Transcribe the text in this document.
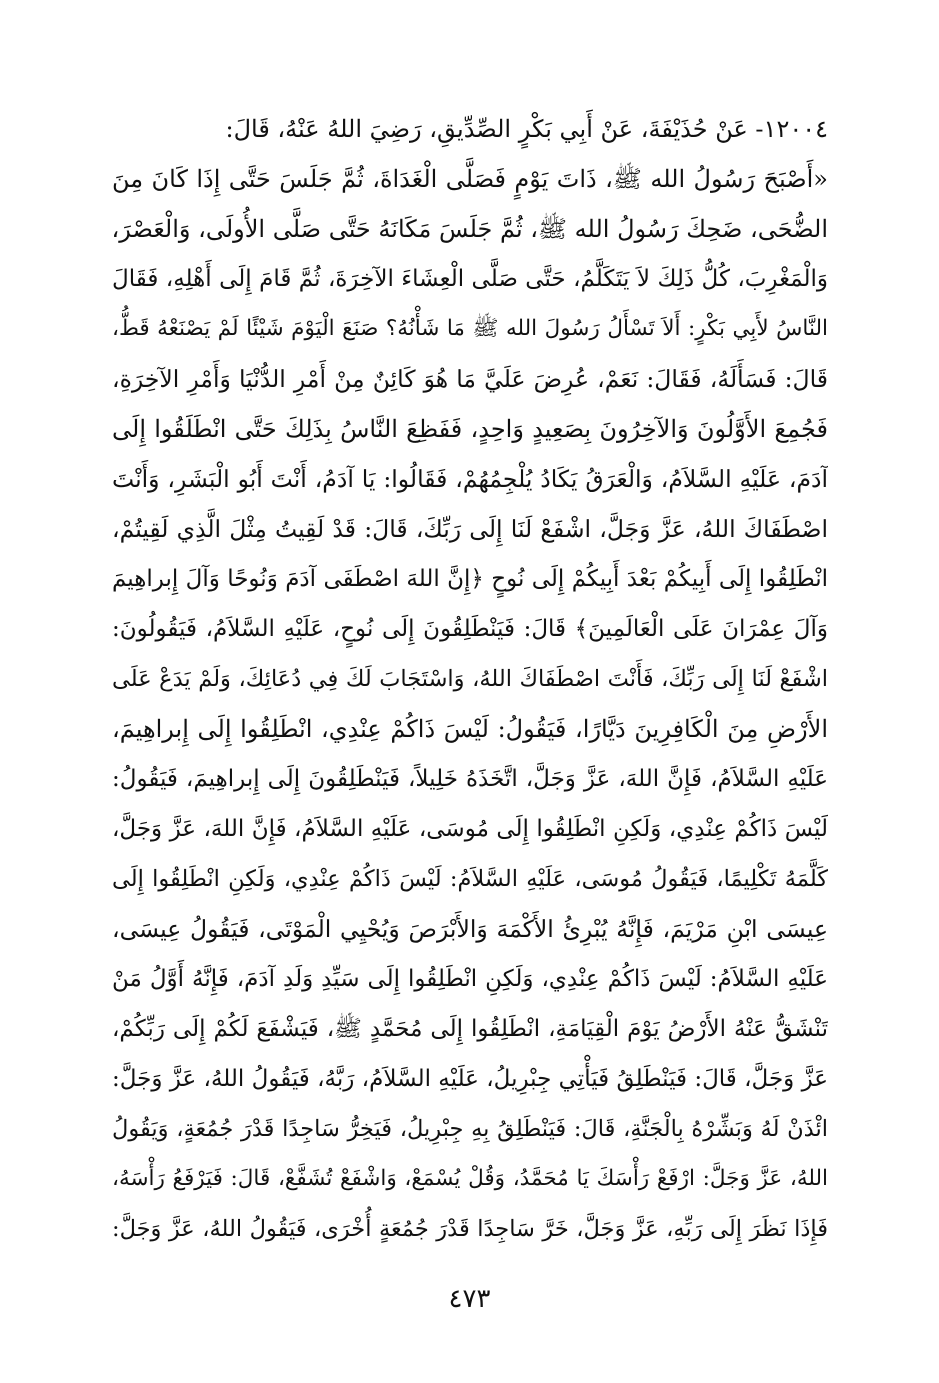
١٢٠٠٤- عَنْ حُذَيْفَةَ، عَنْ أَبِي بَكْرٍ الصِّدِّيقِ، رَضِيَ اللهُ عَنْهُ، قَالَ:
«أَصْبَحَ رَسُولُ الله ﷺ، ذَاتَ يَوْمٍ فَصَلَّى الْغَدَاةَ، ثُمَّ جَلَسَ حَتَّى إِذَا كَانَ مِنَ
الضُّحَى، ضَحِكَ رَسُولُ الله ﷺ، ثُمَّ جَلَسَ مَكَانَهُ حَتَّى صَلَّى الأُولَى، وَالْعَصْرَ،
وَالْمَغْرِبَ، كُلُّ ذَلِكَ لاَ يَتَكَلَّمُ، حَتَّى صَلَّى الْعِشَاءَ الآخِرَةَ، ثُمَّ قَامَ إِلَى أَهْلِهِ، فَقَالَ
النَّاسُ لأَبِي بَكْرٍ: أَلاَ تَسْأَلُ رَسُولَ الله ﷺ مَا شَأْنُهُ؟ صَنَعَ الْيَوْمَ شَيْئًا لَمْ يَصْنَعْهُ قَطُّ،
قَالَ: فَسَأَلَهُ، فَقَالَ: نَعَمْ، عُرِضَ عَلَيَّ مَا هُوَ كَائِنٌ مِنْ أَمْرِ الدُّنْيَا وَأَمْرِ الآخِرَةِ،
فَجُمِعَ الأَوَّلُونَ وَالآخِرُونَ بِصَعِيدٍ وَاحِدٍ، فَفَظِعَ النَّاسُ بِذَلِكَ حَتَّى انْطَلَقُوا إِلَى
آدَمَ، عَلَيْهِ السَّلاَمُ، وَالْعَرَقُ يَكَادُ يُلْجِمُهُمْ، فَقَالُوا: يَا آدَمُ، أَنْتَ أَبُو الْبَشَرِ، وَأَنْتَ
اصْطَفَاكَ اللهُ، عَزَّ وَجَلَّ، اشْفَعْ لَنَا إِلَى رَبِّكَ، قَالَ: قَدْ لَقِيتُ مِثْلَ الَّذِي لَقِيتُمْ،
انْطَلِقُوا إِلَى أَبِيكُمْ بَعْدَ أَبِيكُمْ إِلَى نُوحٍ ﴿إِنَّ اللهَ اصْطَفَى آدَمَ وَنُوحًا وَآلَ إِبراهِيمَ
وَآلَ عِمْرَانَ عَلَى الْعَالَمِينَ﴾ قَالَ: فَيَنْطَلِقُونَ إِلَى نُوحٍ، عَلَيْهِ السَّلاَمُ، فَيَقُولُونَ:
اشْفَعْ لَنَا إِلَى رَبِّكَ، فَأَنْتَ اصْطَفَاكَ اللهُ، وَاسْتَجَابَ لَكَ فِي دُعَائِكَ، وَلَمْ يَدَعْ عَلَى
الأَرْضِ مِنَ الْكَافِرِينَ دَيَّارًا، فَيَقُولُ: لَيْسَ ذَاكُمْ عِنْدِي، انْطَلِقُوا إِلَى إِبراهِيمَ،
عَلَيْهِ السَّلاَمُ، فَإِنَّ اللهَ، عَزَّ وَجَلَّ، اتَّخَذَهُ خَلِيلاً، فَيَنْطَلِقُونَ إِلَى إِبراهِيمَ، فَيَقُولُ:
لَيْسَ ذَاكُمْ عِنْدِي، وَلَكِنِ انْطَلِقُوا إِلَى مُوسَى، عَلَيْهِ السَّلاَمُ، فَإِنَّ اللهَ، عَزَّ وَجَلَّ،
كَلَّمَهُ تَكْلِيمًا، فَيَقُولُ مُوسَى، عَلَيْهِ السَّلاَمُ: لَيْسَ ذَاكُمْ عِنْدِي، وَلَكِنِ انْطَلِقُوا إِلَى
عِيسَى ابْنِ مَرْيَمَ، فَإِنَّهُ يُبْرِئُ الأَكْمَهَ وَالأَبْرَصَ وَيُحْيِي الْمَوْتَى، فَيَقُولُ عِيسَى،
عَلَيْهِ السَّلاَمُ: لَيْسَ ذَاكُمْ عِنْدِي، وَلَكِنِ انْطَلِقُوا إِلَى سَيِّدِ وَلَدِ آدَمَ، فَإِنَّهُ أَوَّلُ مَنْ
تَنْشَقُّ عَنْهُ الأَرْضُ يَوْمَ الْقِيَامَةِ، انْطَلِقُوا إِلَى مُحَمَّدٍ ﷺ، فَيَشْفَعَ لَكُمْ إِلَى رَبِّكُمْ،
عَزَّ وَجَلَّ، قَالَ: فَيَنْطَلِقُ فَيَأْتِي جِبْرِيلُ، عَلَيْهِ السَّلاَمُ، رَبَّهُ، فَيَقُولُ اللهُ، عَزَّ وَجَلَّ:
ائْذَنْ لَهُ وَبَشِّرْهُ بِالْجَنَّةِ، قَالَ: فَيَنْطَلِقُ بِهِ جِبْرِيلُ، فَيَخِرُّ سَاجِدًا قَدْرَ جُمُعَةٍ، وَيَقُولُ
اللهُ، عَزَّ وَجَلَّ: ارْفَعْ رَأْسَكَ يَا مُحَمَّدُ، وَقُلْ يُسْمَعْ، وَاشْفَعْ تُشَفَّعْ، قَالَ: فَيَرْفَعُ رَأْسَهُ،
فَإِذَا نَظَرَ إِلَى رَبِّهِ، عَزَّ وَجَلَّ، خَرَّ سَاجِدًا قَدْرَ جُمُعَةٍ أُخْرَى، فَيَقُولُ اللهُ، عَزَّ وَجَلَّ:
٤٧٣
